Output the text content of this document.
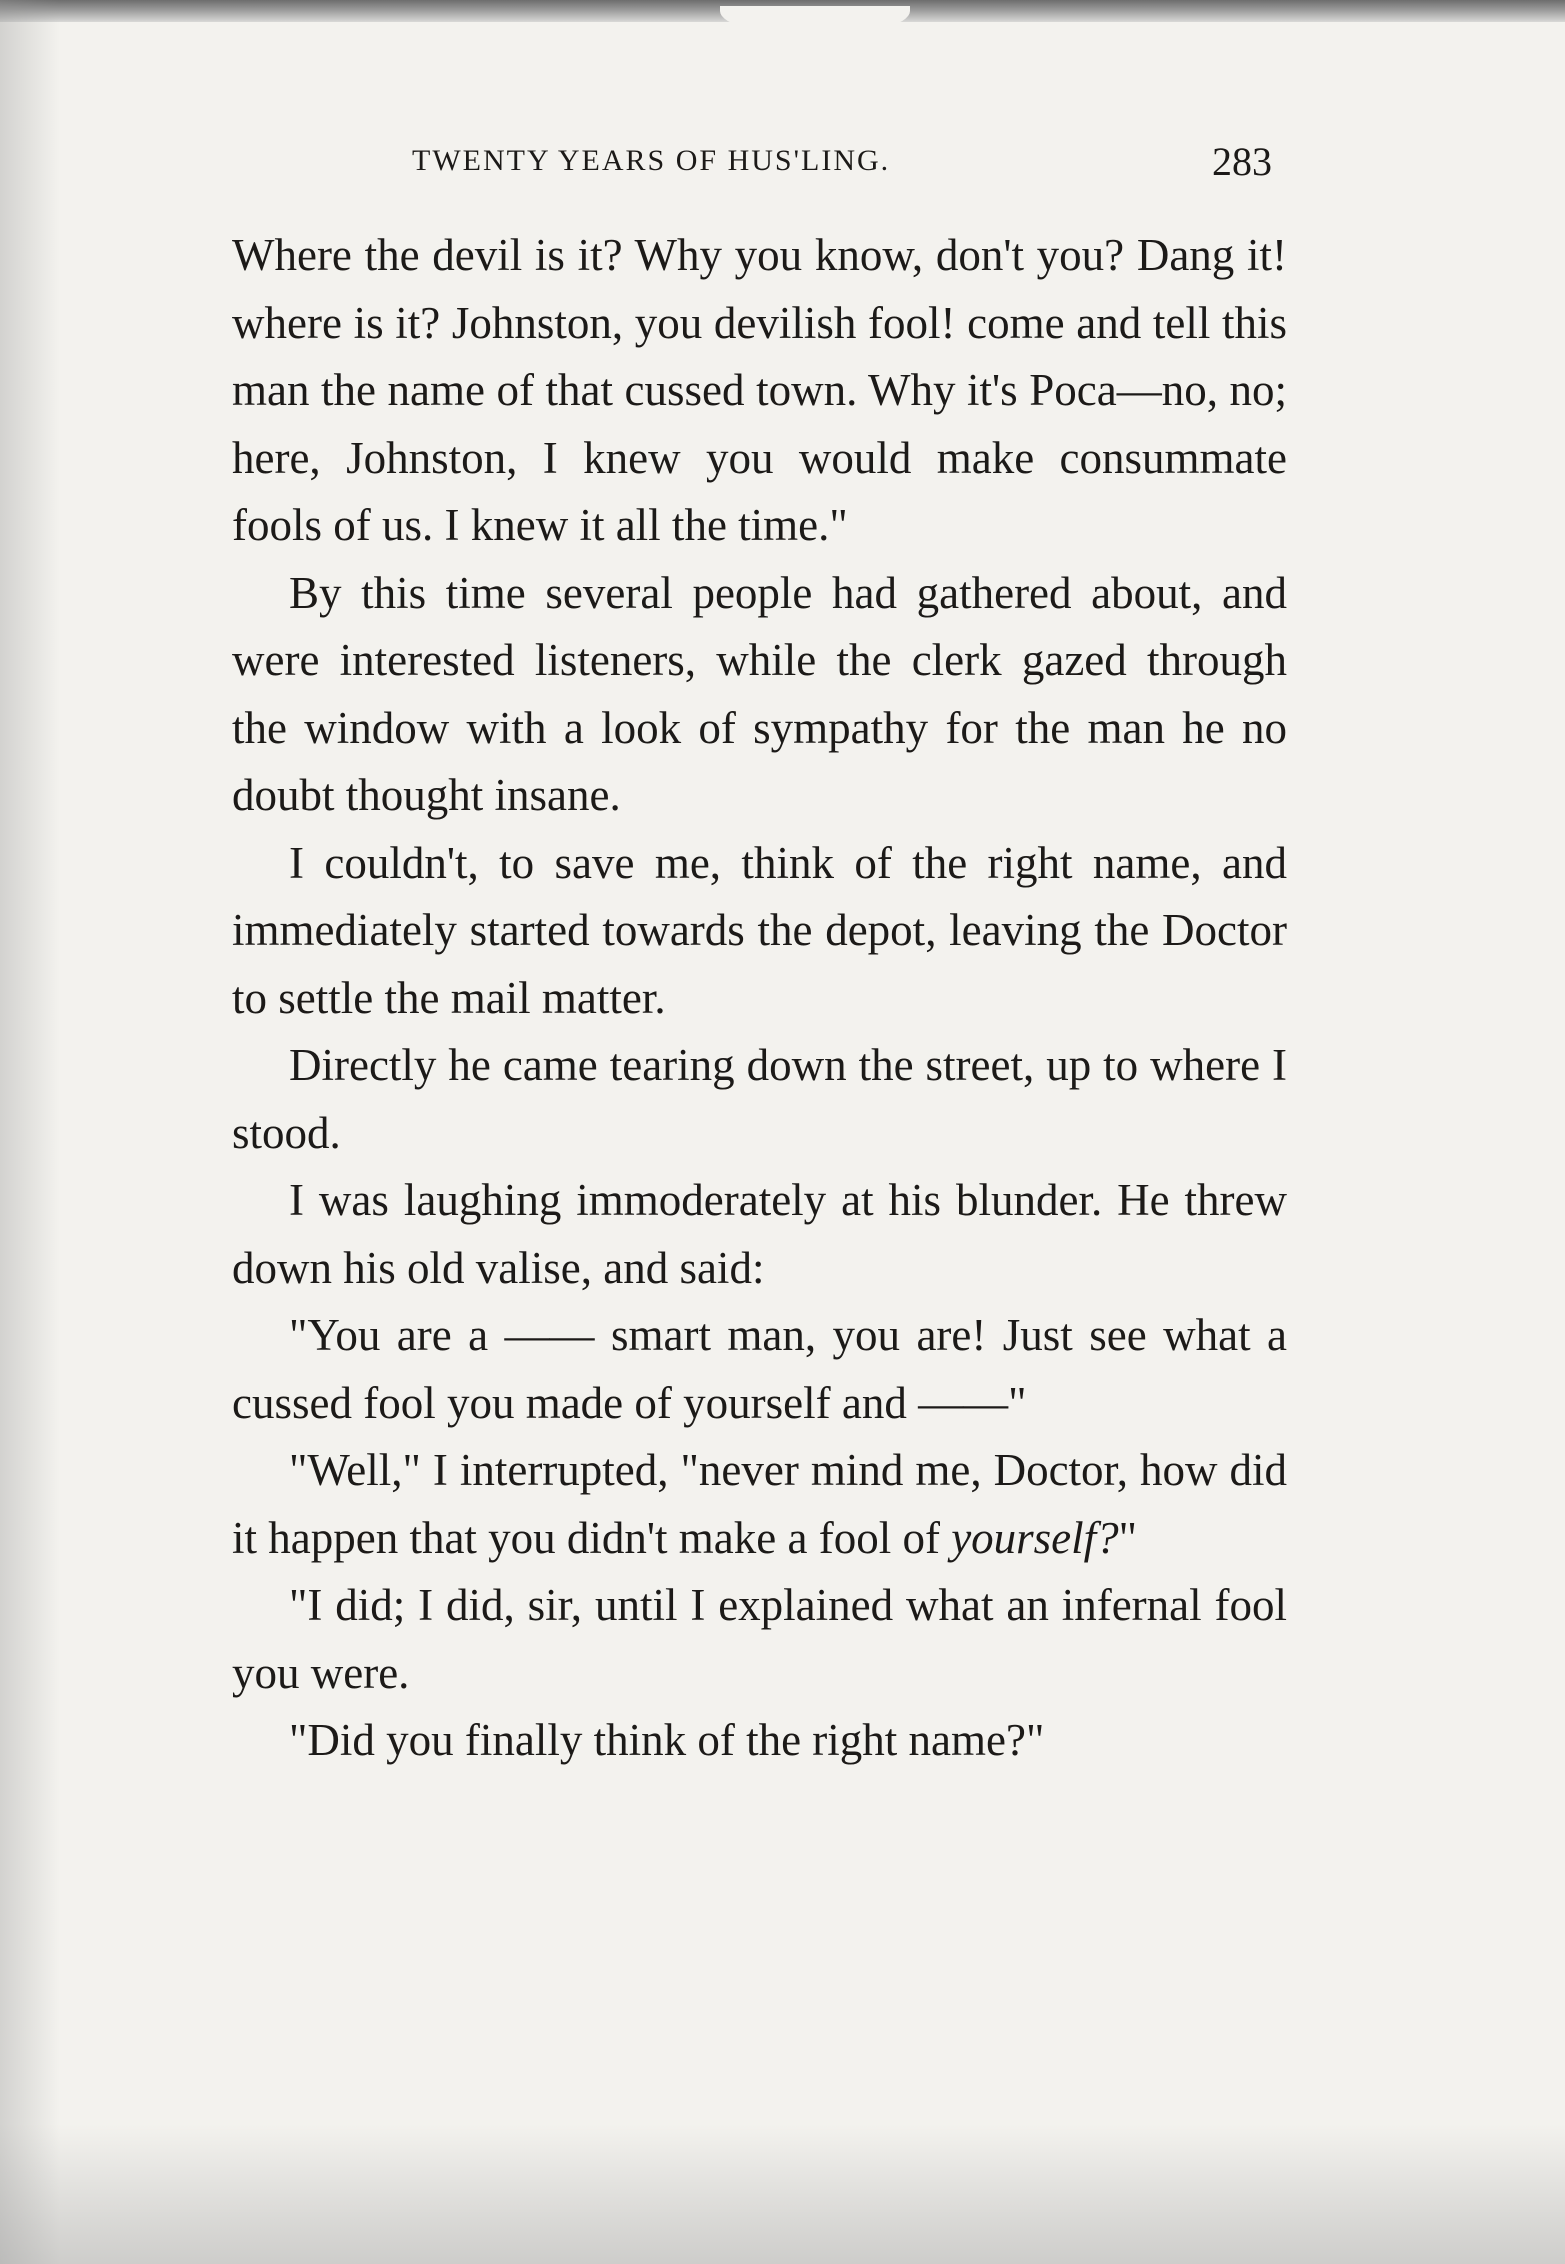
TWENTY YEARS OF HUS'LING.	283

Where the devil is it? Why you know, don't you? Dang it! where is it? Johnston, you devilish fool! come and tell this man the name of that cussed town. Why it's Poca—no, no; here, Johnston, I knew you would make consummate fools of us. I knew it all the time."

By this time several people had gathered about, and were interested listeners, while the clerk gazed through the window with a look of sympathy for the man he no doubt thought insane.

I couldn't, to save me, think of the right name, and immediately started towards the depot, leaving the Doctor to settle the mail matter.

Directly he came tearing down the street, up to where I stood.

I was laughing immoderately at his blunder. He threw down his old valise, and said:

"You are a —— smart man, you are! Just see what a cussed fool you made of yourself and ——"

"Well," I interrupted, "never mind me, Doctor, how did it happen that you didn't make a fool of yourself?"

"I did; I did, sir, until I explained what an infernal fool you were.

"Did you finally think of the right name?"
